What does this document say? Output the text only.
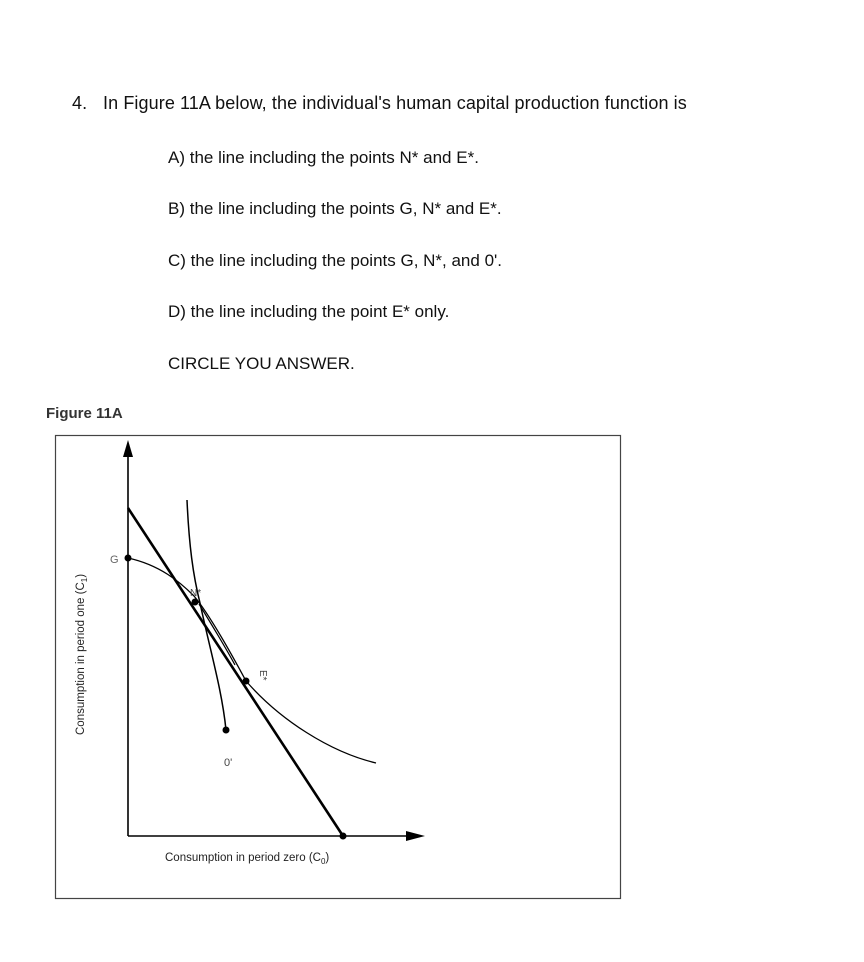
4. In Figure 11A below, the individual's human capital production function is
A) the line including the points N* and E*.
B) the line including the points G, N* and E*.
C) the line including the points G, N*, and 0'.
D) the line including the point E* only.
CIRCLE YOU ANSWER.
Figure 11A
G
N*
E*
0'
Consumption in period one $(C_1)$
Consumption in period zero $(C_0)$
